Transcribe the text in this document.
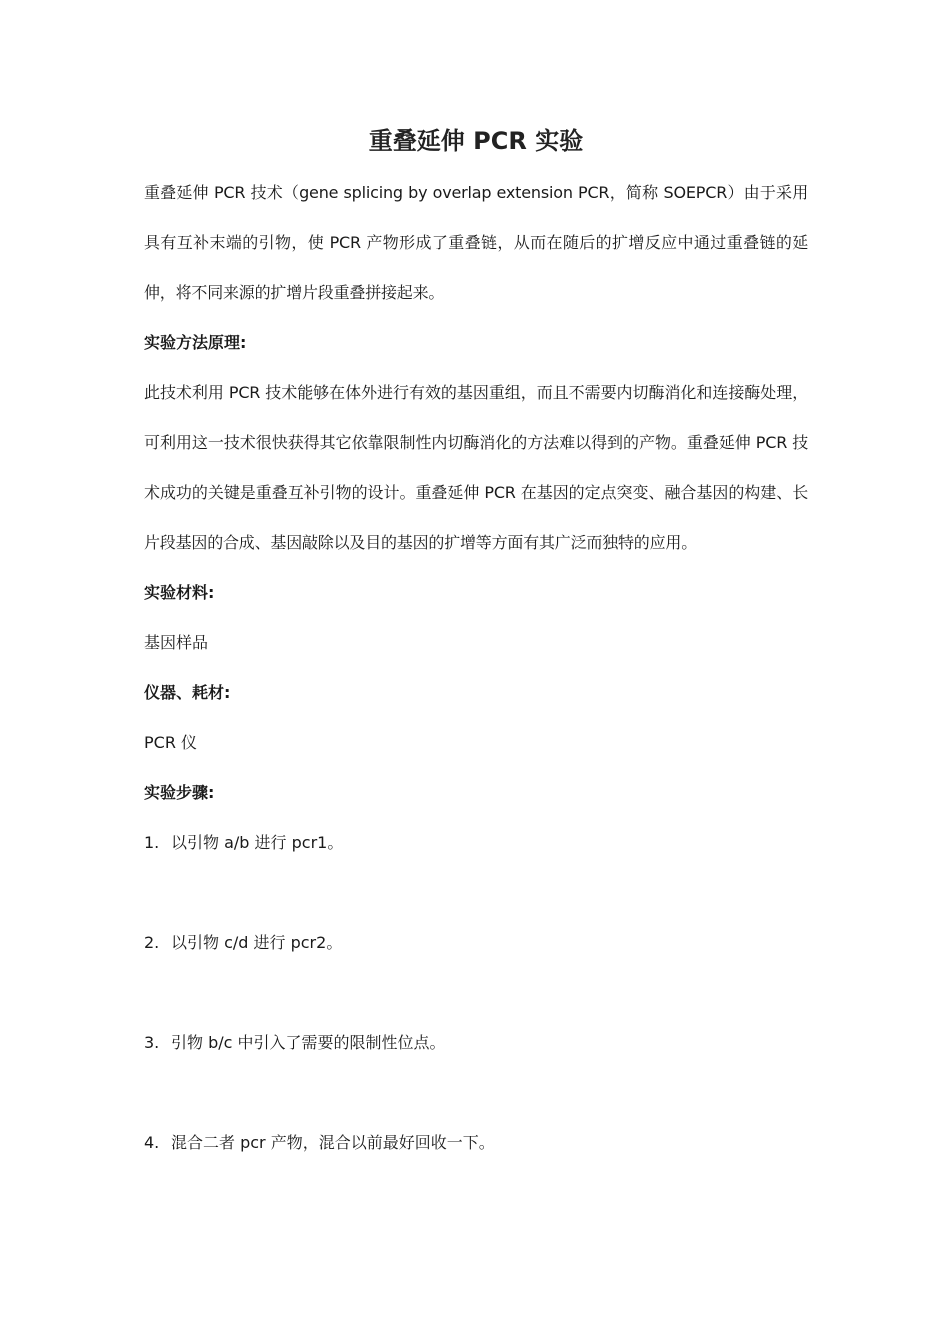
重叠延伸 PCR 实验

重叠延伸 PCR 技术（gene splicing by overlap extension PCR，简称 SOEPCR）由于采用具有互补末端的引物，使 PCR 产物形成了重叠链，从而在随后的扩增反应中通过重叠链的延伸，将不同来源的扩增片段重叠拼接起来。

实验方法原理:

此技术利用 PCR 技术能够在体外进行有效的基因重组，而且不需要内切酶消化和连接酶处理，可利用这一技术很快获得其它依靠限制性内切酶消化的方法难以得到的产物。重叠延伸 PCR 技术成功的关键是重叠互补引物的设计。重叠延伸 PCR 在基因的定点突变、融合基因的构建、长片段基因的合成、基因敲除以及目的基因的扩增等方面有其广泛而独特的应用。

实验材料:

基因样品

仪器、耗材:

PCR 仪

实验步骤:

1. 以引物 a/b 进行 pcr1。
2. 以引物 c/d 进行 pcr2。
3. 引物 b/c 中引入了需要的限制性位点。
4. 混合二者 pcr 产物，混合以前最好回收一下。
